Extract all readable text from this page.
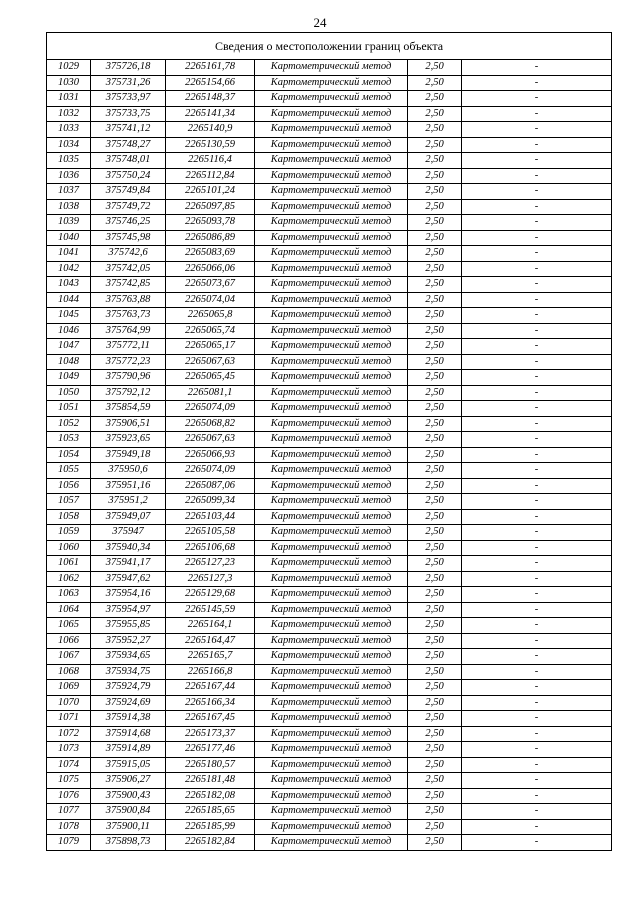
24
Сведения о местоположении границ объекта					
1029	375726,18	2265161,78	Картометрический метод	2,50	-
1030	375731,26	2265154,66	Картометрический метод	2,50	-
1031	375733,97	2265148,37	Картометрический метод	2,50	-
1032	375733,75	2265141,34	Картометрический метод	2,50	-
1033	375741,12	2265140,9	Картометрический метод	2,50	-
1034	375748,27	2265130,59	Картометрический метод	2,50	-
1035	375748,01	2265116,4	Картометрический метод	2,50	-
1036	375750,24	2265112,84	Картометрический метод	2,50	-
1037	375749,84	2265101,24	Картометрический метод	2,50	-
1038	375749,72	2265097,85	Картометрический метод	2,50	-
1039	375746,25	2265093,78	Картометрический метод	2,50	-
1040	375745,98	2265086,89	Картометрический метод	2,50	-
1041	375742,6	2265083,69	Картометрический метод	2,50	-
1042	375742,05	2265066,06	Картометрический метод	2,50	-
1043	375742,85	2265073,67	Картометрический метод	2,50	-
1044	375763,88	2265074,04	Картометрический метод	2,50	-
1045	375763,73	2265065,8	Картометрический метод	2,50	-
1046	375764,99	2265065,74	Картометрический метод	2,50	-
1047	375772,11	2265065,17	Картометрический метод	2,50	-
1048	375772,23	2265067,63	Картометрический метод	2,50	-
1049	375790,96	2265065,45	Картометрический метод	2,50	-
1050	375792,12	2265081,1	Картометрический метод	2,50	-
1051	375854,59	2265074,09	Картометрический метод	2,50	-
1052	375906,51	2265068,82	Картометрический метод	2,50	-
1053	375923,65	2265067,63	Картометрический метод	2,50	-
1054	375949,18	2265066,93	Картометрический метод	2,50	-
1055	375950,6	2265074,09	Картометрический метод	2,50	-
1056	375951,16	2265087,06	Картометрический метод	2,50	-
1057	375951,2	2265099,34	Картометрический метод	2,50	-
1058	375949,07	2265103,44	Картометрический метод	2,50	-
1059	375947	2265105,58	Картометрический метод	2,50	-
1060	375940,34	2265106,68	Картометрический метод	2,50	-
1061	375941,17	2265127,23	Картометрический метод	2,50	-
1062	375947,62	2265127,3	Картометрический метод	2,50	-
1063	375954,16	2265129,68	Картометрический метод	2,50	-
1064	375954,97	2265145,59	Картометрический метод	2,50	-
1065	375955,85	2265164,1	Картометрический метод	2,50	-
1066	375952,27	2265164,47	Картометрический метод	2,50	-
1067	375934,65	2265165,7	Картометрический метод	2,50	-
1068	375934,75	2265166,8	Картометрический метод	2,50	-
1069	375924,79	2265167,44	Картометрический метод	2,50	-
1070	375924,69	2265166,34	Картометрический метод	2,50	-
1071	375914,38	2265167,45	Картометрический метод	2,50	-
1072	375914,68	2265173,37	Картометрический метод	2,50	-
1073	375914,89	2265177,46	Картометрический метод	2,50	-
1074	375915,05	2265180,57	Картометрический метод	2,50	-
1075	375906,27	2265181,48	Картометрический метод	2,50	-
1076	375900,43	2265182,08	Картометрический метод	2,50	-
1077	375900,84	2265185,65	Картометрический метод	2,50	-
1078	375900,11	2265185,99	Картометрический метод	2,50	-
1079	375898,73	2265182,84	Картометрический метод	2,50	-
